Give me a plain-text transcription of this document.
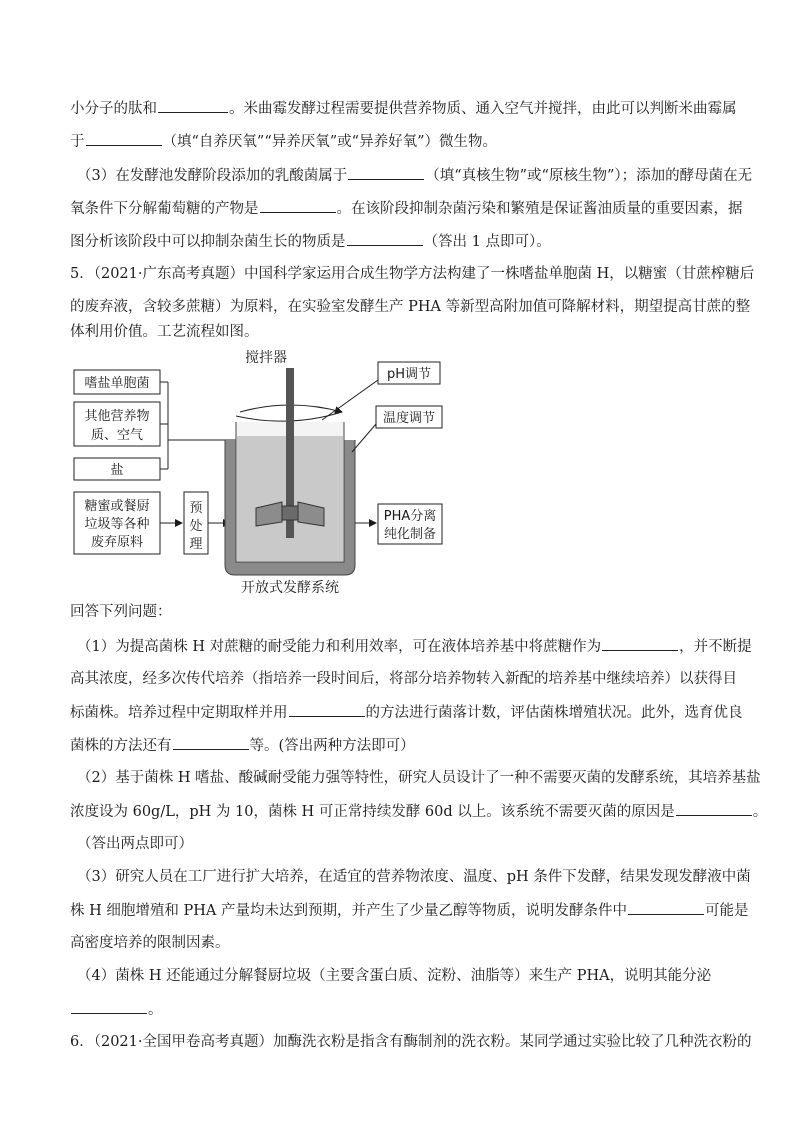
小分子的肽和	。米曲霉发酵过程需要提供营养物质、通入空气并搅拌，由此可以判断米曲霉属
于	（填“自养厌氧”“异养厌氧”或“异养好氧”）微生物。
（3）在发酵池发酵阶段添加的乳酸菌属于	（填“真核生物”或“原核生物”）；添加的酵母菌在无
氧条件下分解葡萄糖的产物是	。在该阶段抑制杂菌污染和繁殖是保证酱油质量的重要因素，据
图分析该阶段中可以抑制杂菌生长的物质是	（答出 1 点即可）。
5．（2021·广东高考真题）中国科学家运用合成生物学方法构建了一株嗜盐单胞菌 H，以糖蜜（甘蔗榨糖后
的废弃液，含较多蔗糖）为原料，在实验室发酵生产 PHA 等新型高附加值可降解材料，期望提高甘蔗的整
体利用价值。工艺流程如图。
搅拌器
嗜盐单胞菌
其他营养物
质、空气
盐
糖蜜或餐厨
垃圾等各种
废弃原料
预
处
理
pH调节
温度调节
PHA分离
纯化制备
开放式发酵系统
回答下列问题：
（1）为提高菌株 H 对蔗糖的耐受能力和利用效率，可在液体培养基中将蔗糖作为	，并不断提
高其浓度，经多次传代培养（指培养一段时间后，将部分培养物转入新配的培养基中继续培养）以获得目
标菌株。培养过程中定期取样并用	的方法进行菌落计数，评估菌株增殖状况。此外，选育优良
菌株的方法还有	等。(答出两种方法即可）
（2）基于菌株 H 嗜盐、酸碱耐受能力强等特性，研究人员设计了一种不需要灭菌的发酵系统，其培养基盐
浓度设为 60g/L，pH 为 10，菌株 H 可正常持续发酵 60d 以上。该系统不需要灭菌的原因是	。
（答出两点即可）
（3）研究人员在工厂进行扩大培养，在适宜的营养物浓度、温度、pH 条件下发酵，结果发现发酵液中菌
株 H 细胞增殖和 PHA 产量均未达到预期，并产生了少量乙醇等物质，说明发酵条件中	可能是
高密度培养的限制因素。
（4）菌株 H 还能通过分解餐厨垃圾（主要含蛋白质、淀粉、油脂等）来生产 PHA，说明其能分泌
。
6．（2021·全国甲卷高考真题）加酶洗衣粉是指含有酶制剂的洗衣粉。某同学通过实验比较了几种洗衣粉的
